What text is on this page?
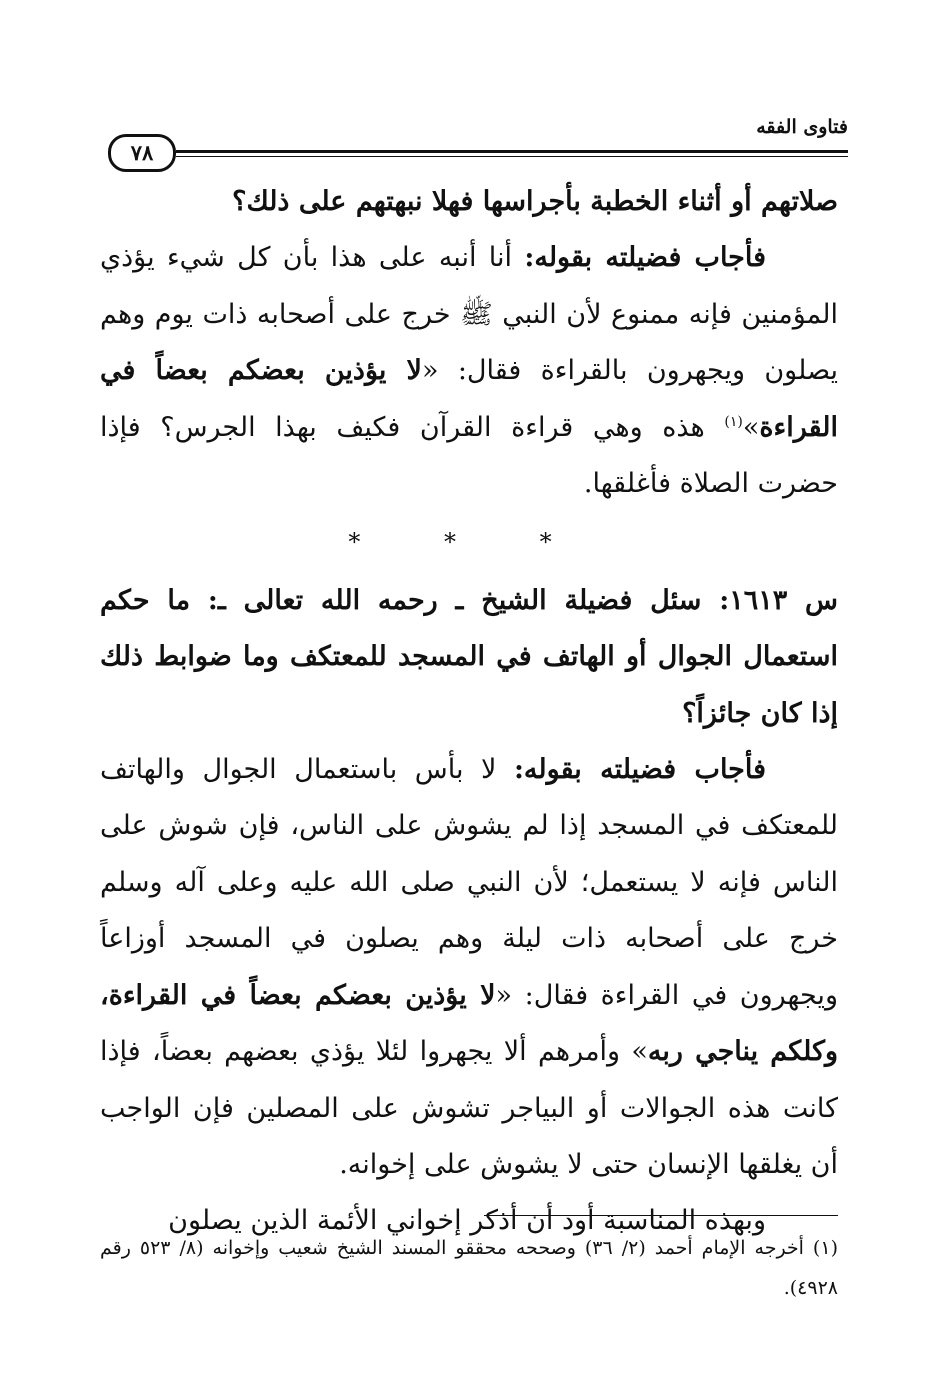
فتاوى الفقه
٧٨

صلاتهم أو أثناء الخطبة بأجراسها فهلا نبهتهم على ذلك؟

فأجاب فضيلته بقوله: أنا أنبه على هذا بأن كل شيء يؤذي المؤمنين فإنه ممنوع لأن النبي ﷺ خرج على أصحابه ذات يوم وهم يصلون ويجهرون بالقراءة فقال: «لا يؤذين بعضكم بعضاً في القراءة»$^{(١)}$ هذه وهي قراءة القرآن فكيف بهذا الجرس؟ فإذا حضرت الصلاة فأغلقها.

* * *

س ١٦١٣: سئل فضيلة الشيخ ـ رحمه الله تعالى ـ: ما حكم استعمال الجوال أو الهاتف في المسجد للمعتكف وما ضوابط ذلك إذا كان جائزاً؟

فأجاب فضيلته بقوله: لا بأس باستعمال الجوال والهاتف للمعتكف في المسجد إذا لم يشوش على الناس، فإن شوش على الناس فإنه لا يستعمل؛ لأن النبي صلى الله عليه وعلى آله وسلم خرج على أصحابه ذات ليلة وهم يصلون في المسجد أوزاعاً ويجهرون في القراءة فقال: «لا يؤذين بعضكم بعضاً في القراءة، وكلكم يناجي ربه» وأمرهم ألا يجهروا لئلا يؤذي بعضهم بعضاً، فإذا كانت هذه الجوالات أو البياجر تشوش على المصلين فإن الواجب أن يغلقها الإنسان حتى لا يشوش على إخوانه.

وبهذه المناسبة أود أن أذكر إخواني الأئمة الذين يصلون

(١) أخرجه الإمام أحمد (٢/ ٣٦) وصححه محققو المسند الشيخ شعيب وإخوانه (٨/ ٥٢٣ رقم ٤٩٢٨).
